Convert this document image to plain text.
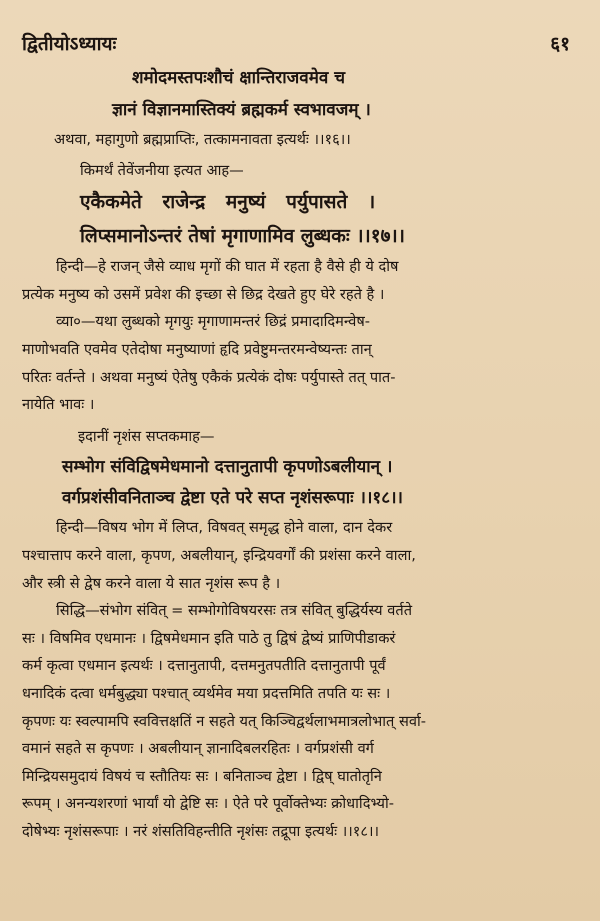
द्वितीयोऽध्यायः	६१
शमोदमस्तपःशौचं क्षान्तिराजवमेव च
ज्ञानं विज्ञानमास्तिक्यं ब्रह्मकर्म स्वभावजम् ।
अथवा, महागुणो ब्रह्मप्राप्तिः, तत्कामनावता इत्यर्थः ।।१६।।
किमर्थं तेवेंजनीया इत्यत आह—
एकैकमेते राजेन्द्र मनुष्यं पर्युपासते ।
लिप्समानोऽन्तरं तेषां मृगाणामिव लुब्धकः ।।१७।।
हिन्दी—हे राजन् जैसे व्याध मृगों की घात में रहता है वैसे ही ये दोष
प्रत्येक मनुष्य को उसमें प्रवेश की इच्छा से छिद्र देखते हुए घेरे रहते है ।
व्या०—यथा लुब्धको मृगयुः मृगाणामन्तरं छिद्रं प्रमादादिमन्वेष-
माणोभवति एवमेव एतेदोषा मनुष्याणां हृदि प्रवेष्टुमन्तरमन्वेष्यन्तः तान्
परितः वर्तन्ते । अथवा मनुष्यं ऐतेषु एकैकं प्रत्येकं दोषः पर्युपास्ते तत् पात-
नायेति भावः ।
इदानीं नृशंस सप्तकमाह—
सम्भोग संविद्विषमेधमानो दत्तानुतापी कृपणोऽबलीयान् ।
वर्गप्रशंसीवनिताञ्च द्वेष्टा एते परे सप्त नृशंसरूपाः ।।१८।।
हिन्दी—विषय भोग में लिप्त, विषवत् समृद्ध होने वाला, दान देकर
पश्चात्ताप करने वाला, कृपण, अबलीयान्, इन्द्रियवर्गों की प्रशंसा करने वाला,
और स्त्री से द्वेष करने वाला ये सात नृशंस रूप है ।
सिद्धि—संभोग संवित् = सम्भोगोविषयरसः तत्र संवित् बुद्धिर्यस्य वर्तते
सः । विषमिव एधमानः । द्विषमेधमान इति पाठे तु द्विषं द्वेष्यं प्राणिपीडाकरं
कर्म कृत्वा एधमान इत्यर्थः । दत्तानुतापी, दत्तमनुतपतीति दत्तानुतापी पूर्वं
धनादिकं दत्वा धर्मबुद्ध्या पश्चात् व्यर्थमेव मया प्रदत्तमिति तपति यः सः ।
कृपणः यः स्वल्पामपि स्ववित्तक्षतिं न सहते यत् किञ्चिद्वर्थलाभमात्रलोभात् सर्वा-
वमानं सहते स कृपणः । अबलीयान् ज्ञानादिबलरहितः । वर्गप्रशंसी वर्ग
मिन्द्रियसमुदायं विषयं च स्तौतियः सः । बनिताञ्च द्वेष्टा । द्विष् घातोतृनि
रूपम् । अनन्यशरणां भार्यां यो द्वेष्टि सः । ऐते परे पूर्वोक्तेभ्यः क्रोधादिभ्यो-
दोषेभ्यः नृशंसरूपाः । नरं शंसतिविहन्तीति नृशंसः तद्रूपा इत्यर्थः ।।१८।।
